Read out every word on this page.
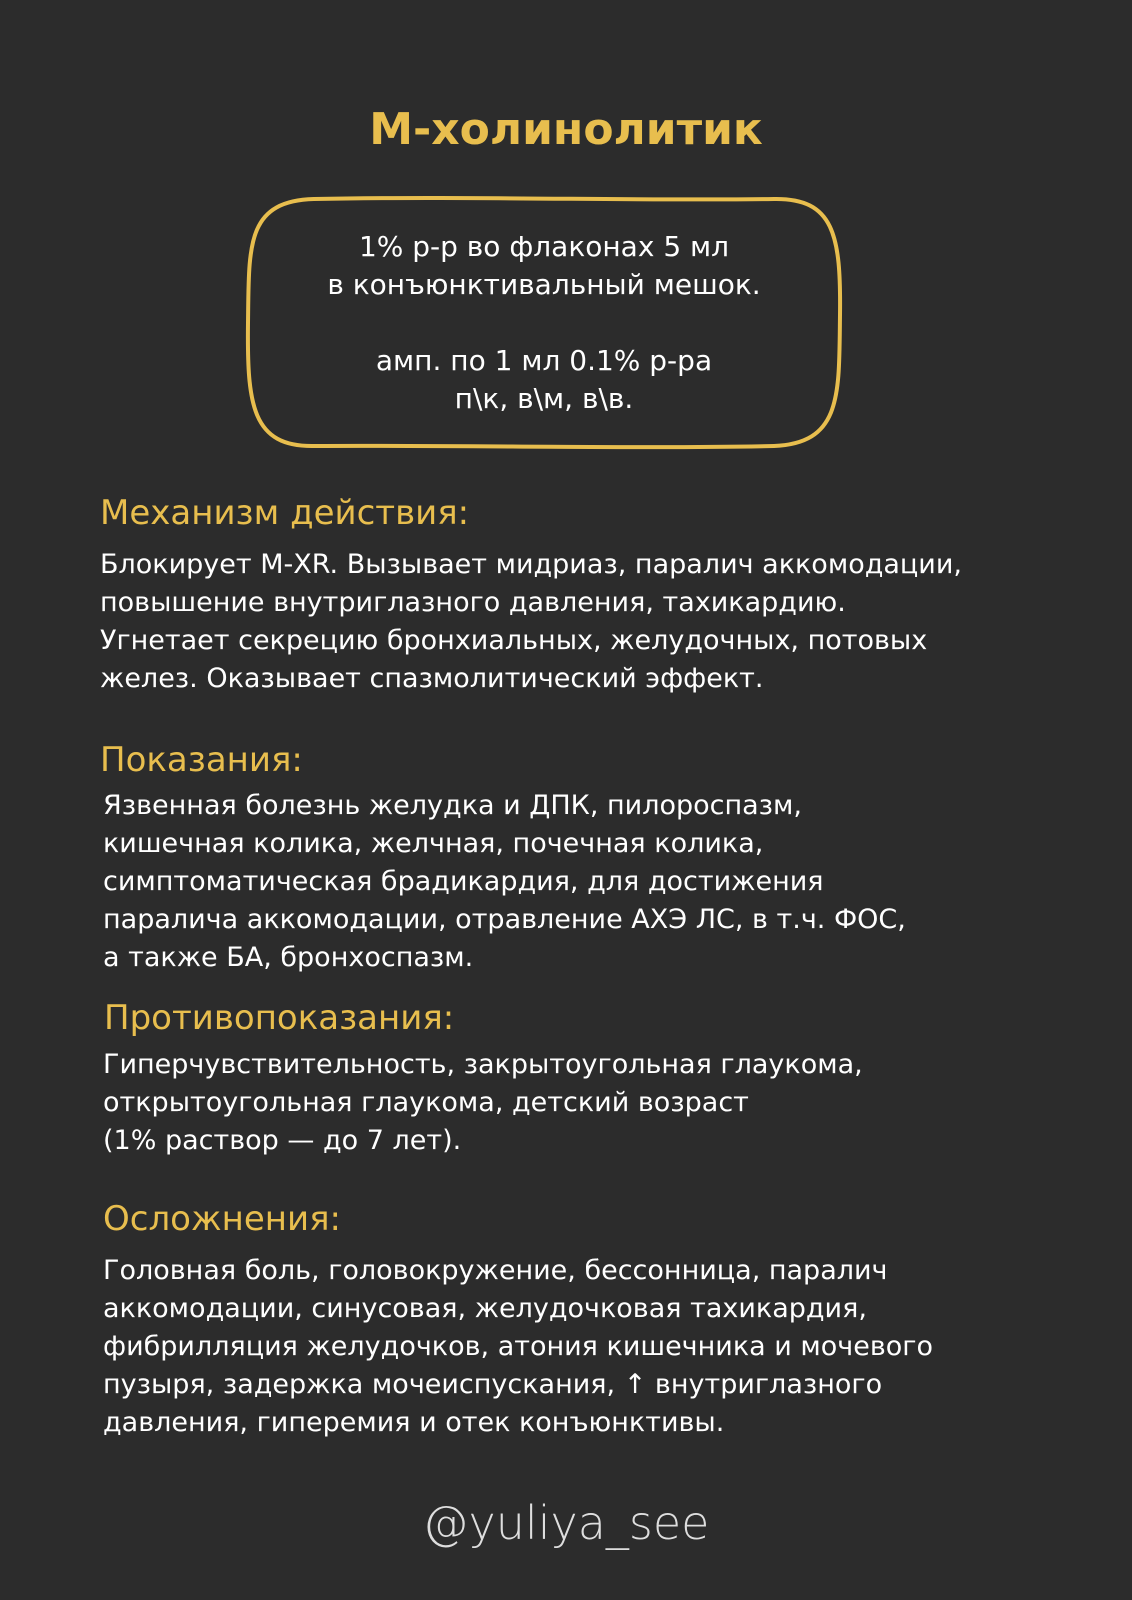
М-холинолитик
1% р-р во флаконах 5 мл
в конъюнктивальный мешок.
амп. по 1 мл 0.1% р-ра
п\к, в\м, в\в.
Механизм действия:
Блокирует М-XR. Вызывает мидриаз, паралич аккомодации,
повышение внутриглазного давления, тахикардию.
Угнетает секрецию бронхиальных, желудочных, потовых
желез. Оказывает спазмолитический эффект.
Показания:
Язвенная болезнь желудка и ДПК, пилороспазм,
кишечная колика, желчная, почечная колика,
симптоматическая брадикардия, для достижения
паралича аккомодации, отравление АХЭ ЛС, в т.ч. ФОС,
а также БА, бронхоспазм.
Противопоказания:
Гиперчувствительность, закрытоугольная глаукома,
открытоугольная глаукома, детский возраст
(1% раствор — до 7 лет).
Осложнения:
Головная боль, головокружение, бессонница, паралич
аккомодации, синусовая, желудочковая тахикардия,
фибрилляция желудочков, атония кишечника и мочевого
пузыря, задержка мочеиспускания, ↑ внутриглазного
давления, гиперемия и отек конъюнктивы.
@yuliya_see
